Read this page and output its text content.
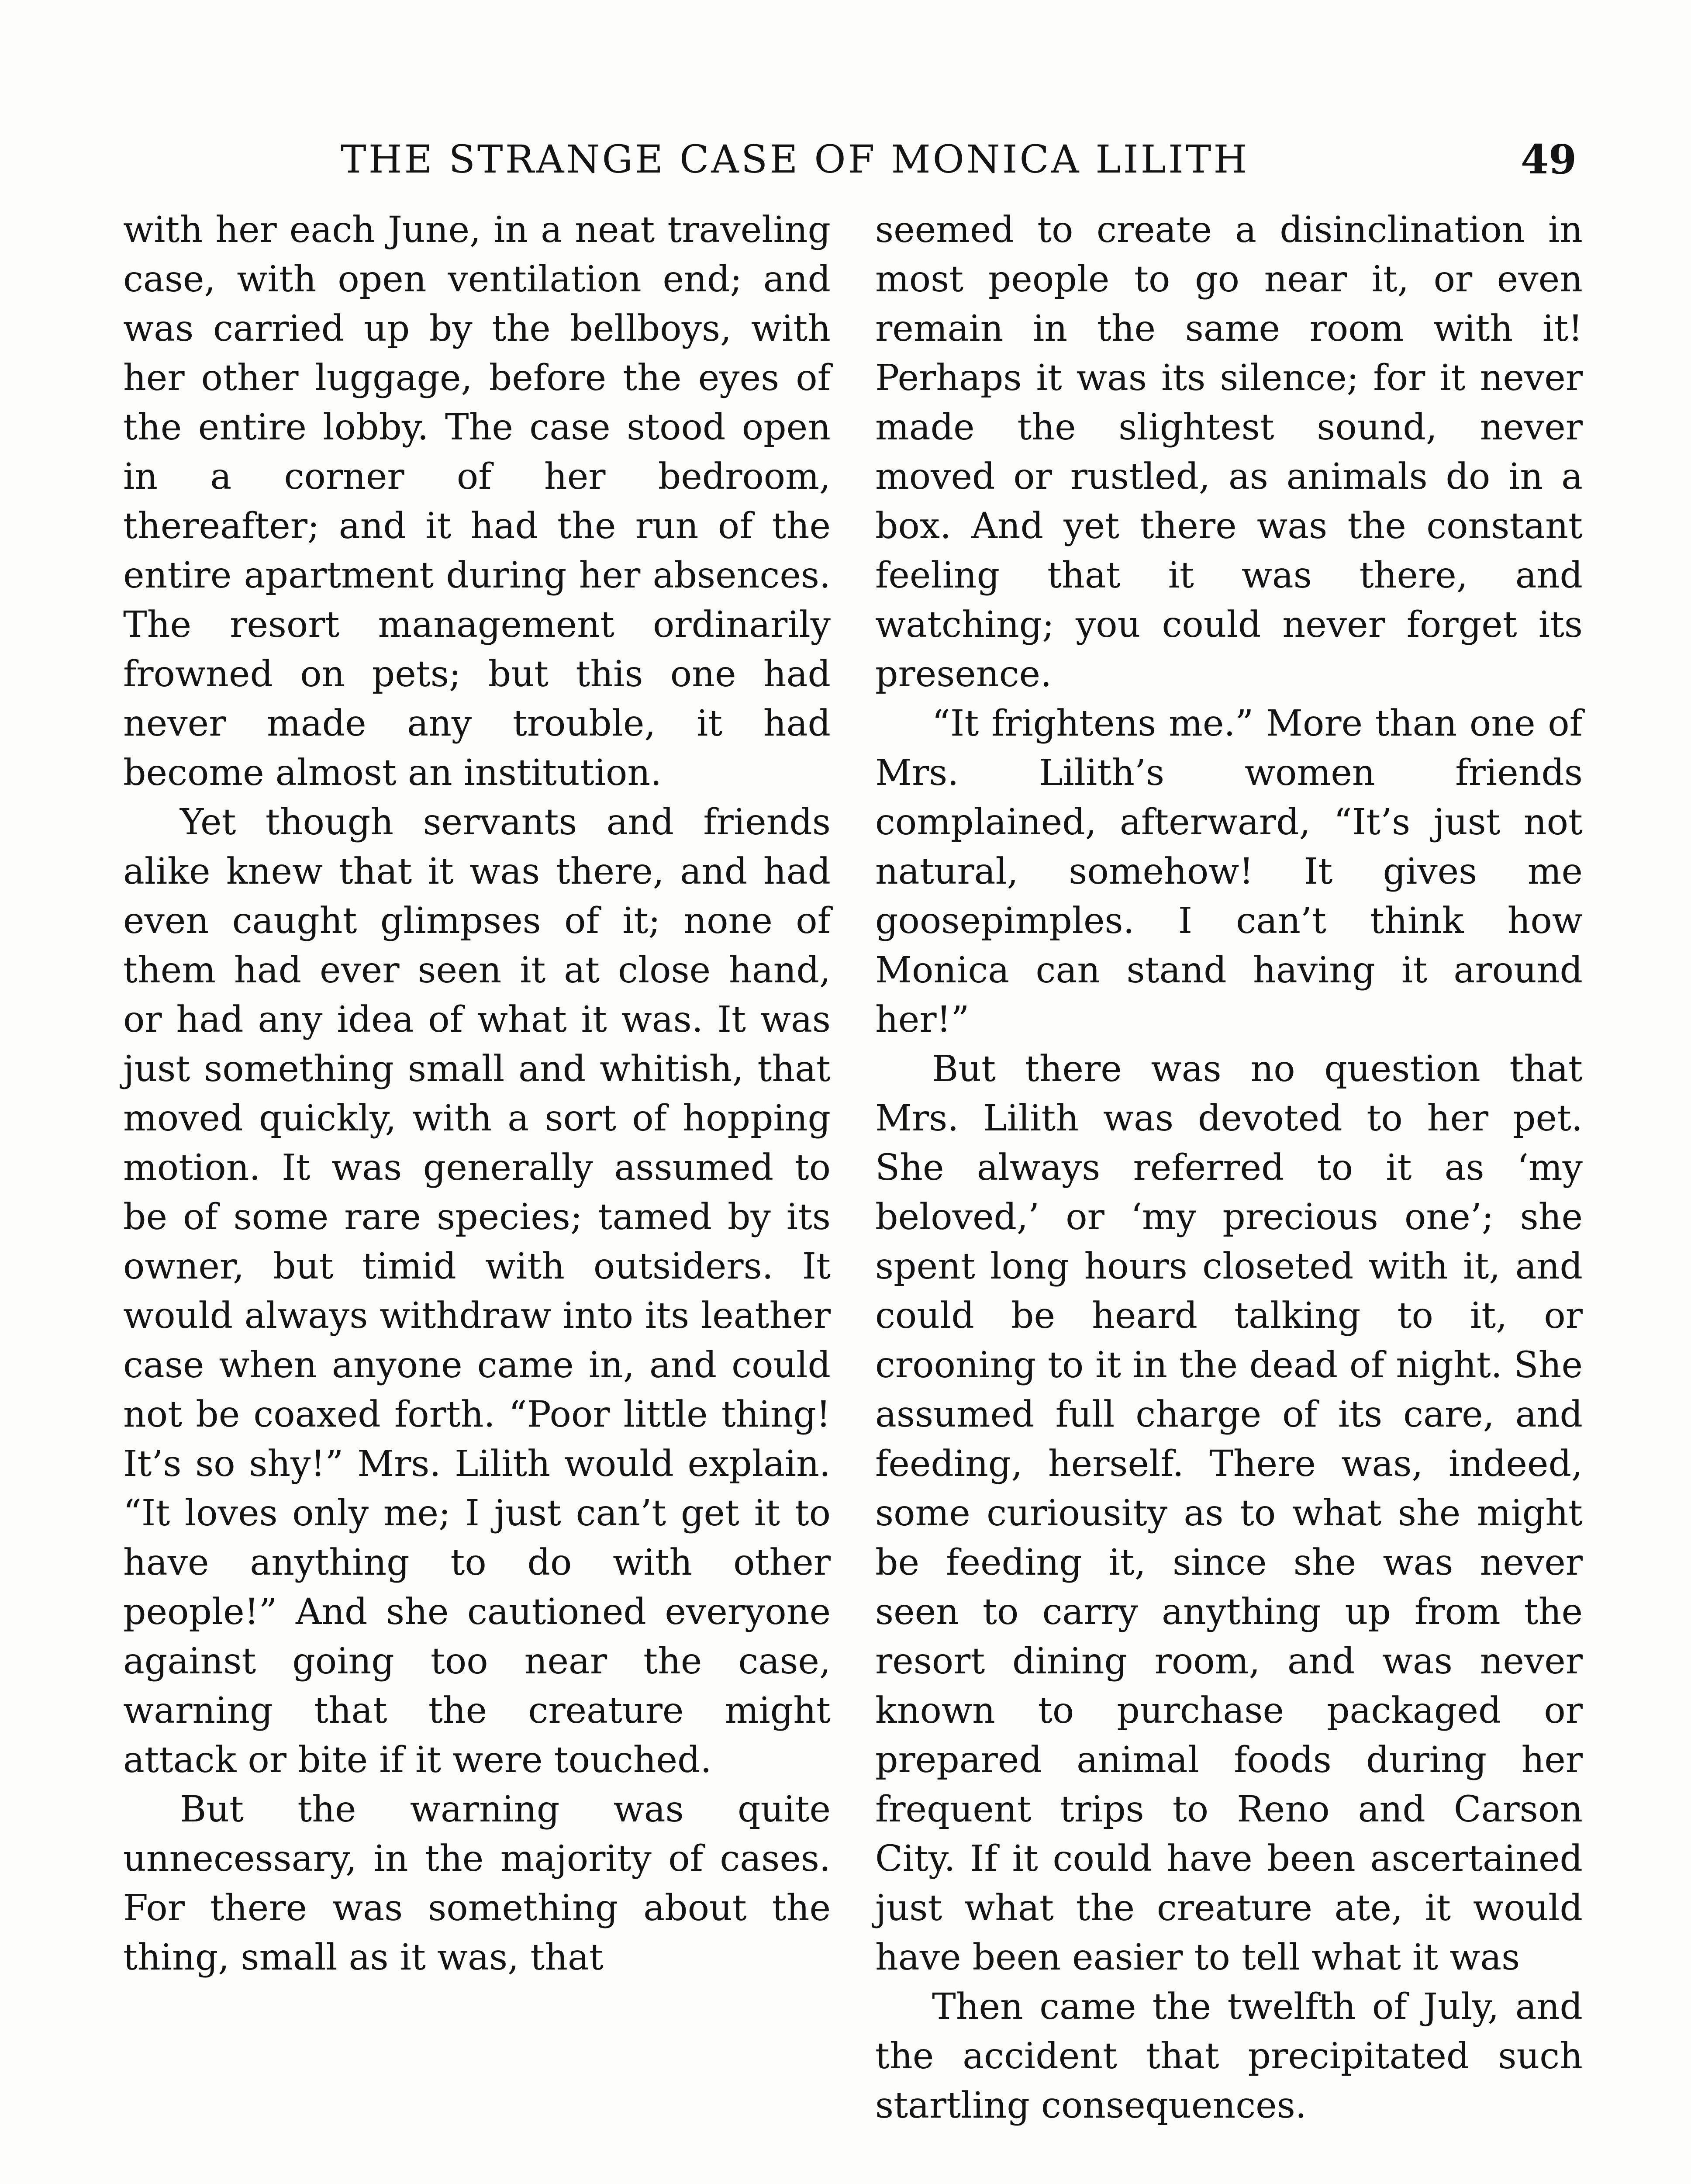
THE STRANGE CASE OF MONICA LILITH	49

with her each June, in a neat traveling case, with open ventilation end; and was carried up by the bellboys, with her other luggage, before the eyes of the entire lobby. The case stood open in a corner of her bedroom, thereafter; and it had the run of the entire apartment during her absences. The resort management ordinarily frowned on pets; but this one had never made any trouble, it had become almost an institution.

Yet though servants and friends alike knew that it was there, and had even caught glimpses of it; none of them had ever seen it at close hand, or had any idea of what it was. It was just something small and whitish, that moved quickly, with a sort of hopping motion. It was generally assumed to be of some rare species; tamed by its owner, but timid with outsiders. It would always withdraw into its leather case when anyone came in, and could not be coaxed forth. “Poor little thing! It’s so shy!” Mrs. Lilith would explain. “It loves only me; I just can’t get it to have anything to do with other people!” And she cautioned everyone against going too near the case, warning that the creature might attack or bite if it were touched.

But the warning was quite unnecessary, in the majority of cases. For there was something about the thing, small as it was, that

seemed to create a disinclination in most people to go near it, or even remain in the same room with it! Perhaps it was its silence; for it never made the slightest sound, never moved or rustled, as animals do in a box. And yet there was the constant feeling that it was there, and watching; you could never forget its presence.

“It frightens me.” More than one of Mrs. Lilith’s women friends complained, afterward, “It’s just not natural, somehow! It gives me goosepimples. I can’t think how Monica can stand having it around her!”

But there was no question that Mrs. Lilith was devoted to her pet. She always referred to it as ‘my beloved,’ or ‘my precious one’; she spent long hours closeted with it, and could be heard talking to it, or crooning to it in the dead of night. She assumed full charge of its care, and feeding, herself. There was, indeed, some curiousity as to what she might be feeding it, since she was never seen to carry anything up from the resort dining room, and was never known to purchase packaged or prepared animal foods during her frequent trips to Reno and Carson City. If it could have been ascertained just what the creature ate, it would have been easier to tell what it was

Then came the twelfth of July, and the accident that precipitated such startling consequences.
